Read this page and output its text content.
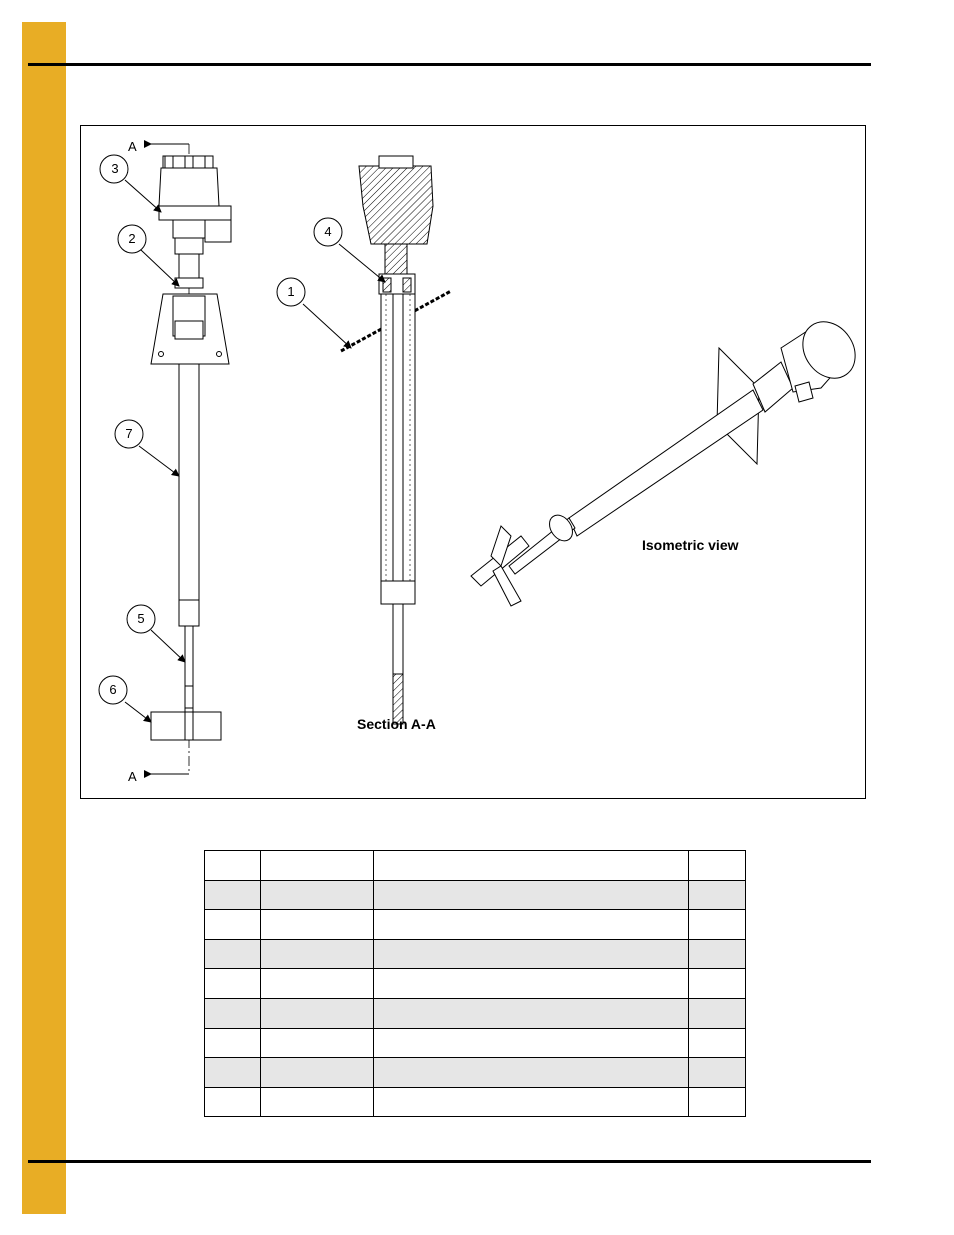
A
A
3
2
7
5
6
4
1
Section A-A
Isometric view
